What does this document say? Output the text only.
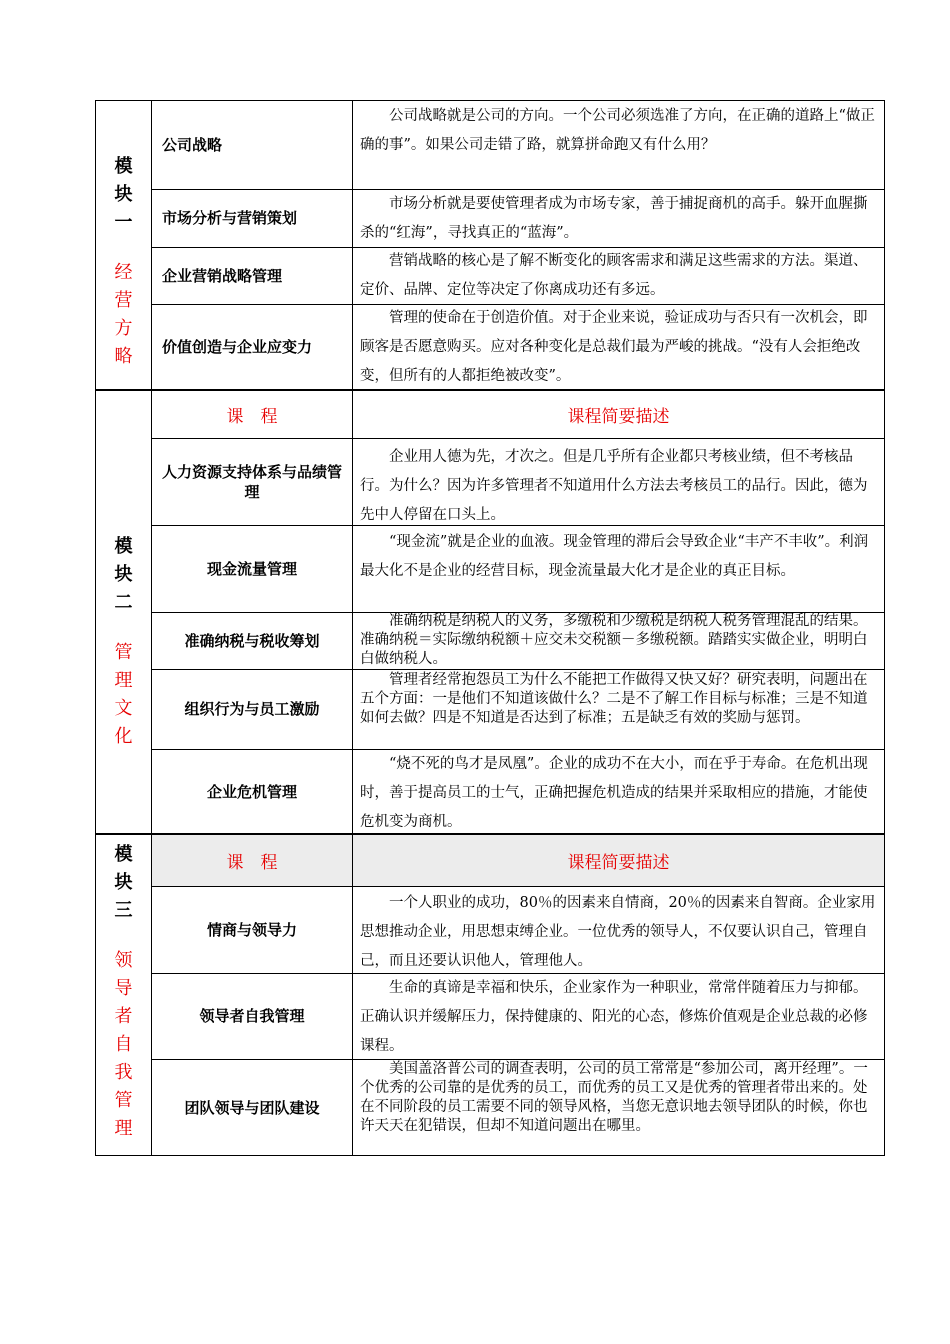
模
块
一
经
营
方
略
公司战略
公司战略就是公司的方向。一个公司必须选准了方向，在正确的道路上“做正确的事”。如果公司走错了路，就算拼命跑又有什么用？
市场分析与营销策划
市场分析就是要使管理者成为市场专家，善于捕捉商机的高手。躲开血腥撕杀的“红海”，寻找真正的“蓝海”。
企业营销战略管理
营销战略的核心是了解不断变化的顾客需求和满足这些需求的方法。渠道、定价、品牌、定位等决定了你离成功还有多远。
价值创造与企业应变力
管理的使命在于创造价值。对于企业来说，验证成功与否只有一次机会，即顾客是否愿意购买。应对各种变化是总裁们最为严峻的挑战。“没有人会拒绝改变，但所有的人都拒绝被改变”。
模
块
二
管
理
文
化
课　程	课程简要描述
人力资源支持体系与品绩管理
企业用人德为先，才次之。但是几乎所有企业都只考核业绩，但不考核品行。为什么？因为许多管理者不知道用什么方法去考核员工的品行。因此，德为先中人停留在口头上。
现金流量管理
“现金流”就是企业的血液。现金管理的滞后会导致企业“丰产不丰收”。利润最大化不是企业的经营目标，现金流量最大化才是企业的真正目标。
准确纳税与税收筹划
准确纳税是纳税人的义务，多缴税和少缴税是纳税人税务管理混乱的结果。准确纳税＝实际缴纳税额＋应交未交税额－多缴税额。踏踏实实做企业，明明白白做纳税人。
组织行为与员工激励
管理者经常抱怨员工为什么不能把工作做得又快又好？研究表明，问题出在五个方面：一是他们不知道该做什么？二是不了解工作目标与标准；三是不知道如何去做？四是不知道是否达到了标准；五是缺乏有效的奖励与惩罚。
企业危机管理
“烧不死的鸟才是凤凰”。企业的成功不在大小，而在乎于寿命。在危机出现时，善于提高员工的士气，正确把握危机造成的结果并采取相应的措施，才能使危机变为商机。
模
块
三
领
导
者
自
我
管
理
课　程	课程简要描述
情商与领导力
一个人职业的成功，80％的因素来自情商，20％的因素来自智商。企业家用思想推动企业，用思想束缚企业。一位优秀的领导人，不仅要认识自己，管理自己，而且还要认识他人，管理他人。
领导者自我管理
生命的真谛是幸福和快乐，企业家作为一种职业，常常伴随着压力与抑郁。正确认识并缓解压力，保持健康的、阳光的心态，修炼价值观是企业总裁的必修课程。
团队领导与团队建设
美国盖洛普公司的调查表明，公司的员工常常是“参加公司，离开经理”。一个优秀的公司靠的是优秀的员工，而优秀的员工又是优秀的管理者带出来的。处在不同阶段的员工需要不同的领导风格，当您无意识地去领导团队的时候，你也许天天在犯错误，但却不知道问题出在哪里。
